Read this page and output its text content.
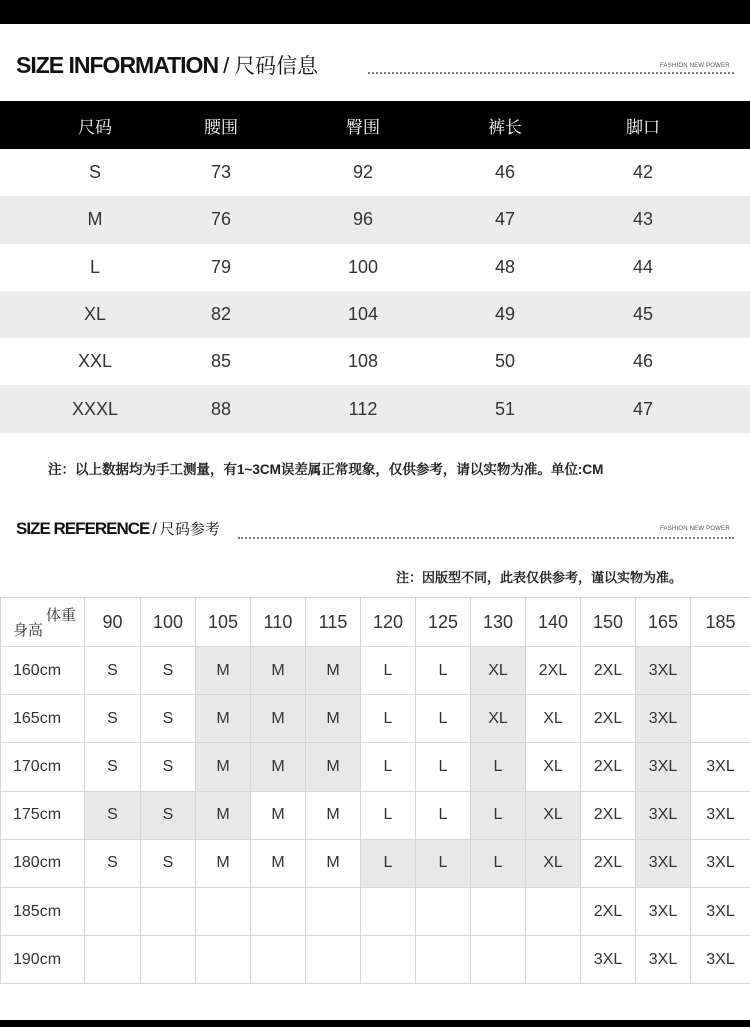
SIZE INFORMATION / 尺码信息	FASHION NEW POWER
尺码	腰围	臀围	裤长	脚口
S	73	92	46	42
M	76	96	47	43
L	79	100	48	44
XL	82	104	49	45
XXL	85	108	50	46
XXXL	88	112	51	47
注：以上数据均为手工测量，有1~3CM误差属正常现象，仅供参考，请以实物为准。单位:CM
SIZE REFERENCE / 尺码参考	FASHION NEW POWER
注：因版型不同，此表仅供参考，谨以实物为准。
体重
身高	90	100	105	110	115	120	125	130	140	150	165	185
160cm	S	S	M	M	M	L	L	XL	2XL	2XL	3XL	
165cm	S	S	M	M	M	L	L	XL	XL	2XL	3XL	
170cm	S	S	M	M	M	L	L	L	XL	2XL	3XL	3XL
175cm	S	S	M	M	M	L	L	L	XL	2XL	3XL	3XL
180cm	S	S	M	M	M	L	L	L	XL	2XL	3XL	3XL
185cm										2XL	3XL	3XL
190cm										3XL	3XL	3XL
